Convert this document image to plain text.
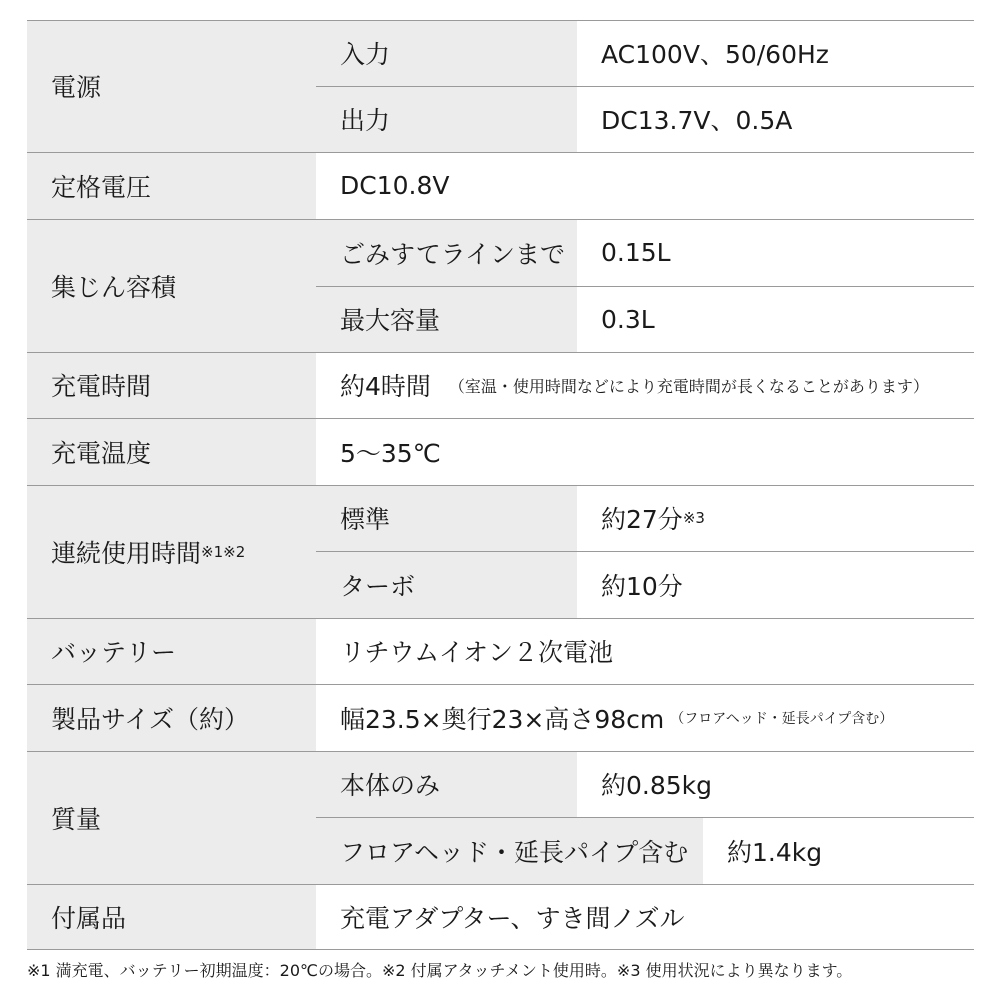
電源
入力	AC100V、50/60Hz
出力	DC13.7V、0.5A
定格電圧	DC10.8V
集じん容積
ごみすてラインまで	0.15L
最大容量	0.3L
充電時間	約4時間 （室温・使用時間などにより充電時間が長くなることがあります）
充電温度	5〜35℃
連続使用時間 ※1※2
標準	約27分 ※3
ターボ	約10分
バッテリー	リチウムイオン２次電池
製品サイズ（約）	幅23.5×奥行23×高さ98cm （フロアヘッド・延長パイプ含む）
質量
本体のみ	約0.85kg
フロアヘッド・延長パイプ含む	約1.4kg
付属品	充電アダプター、すき間ノズル
※1 満充電、バッテリー初期温度：20℃の場合。※2 付属アタッチメント使用時。※3 使用状況により異なります。
